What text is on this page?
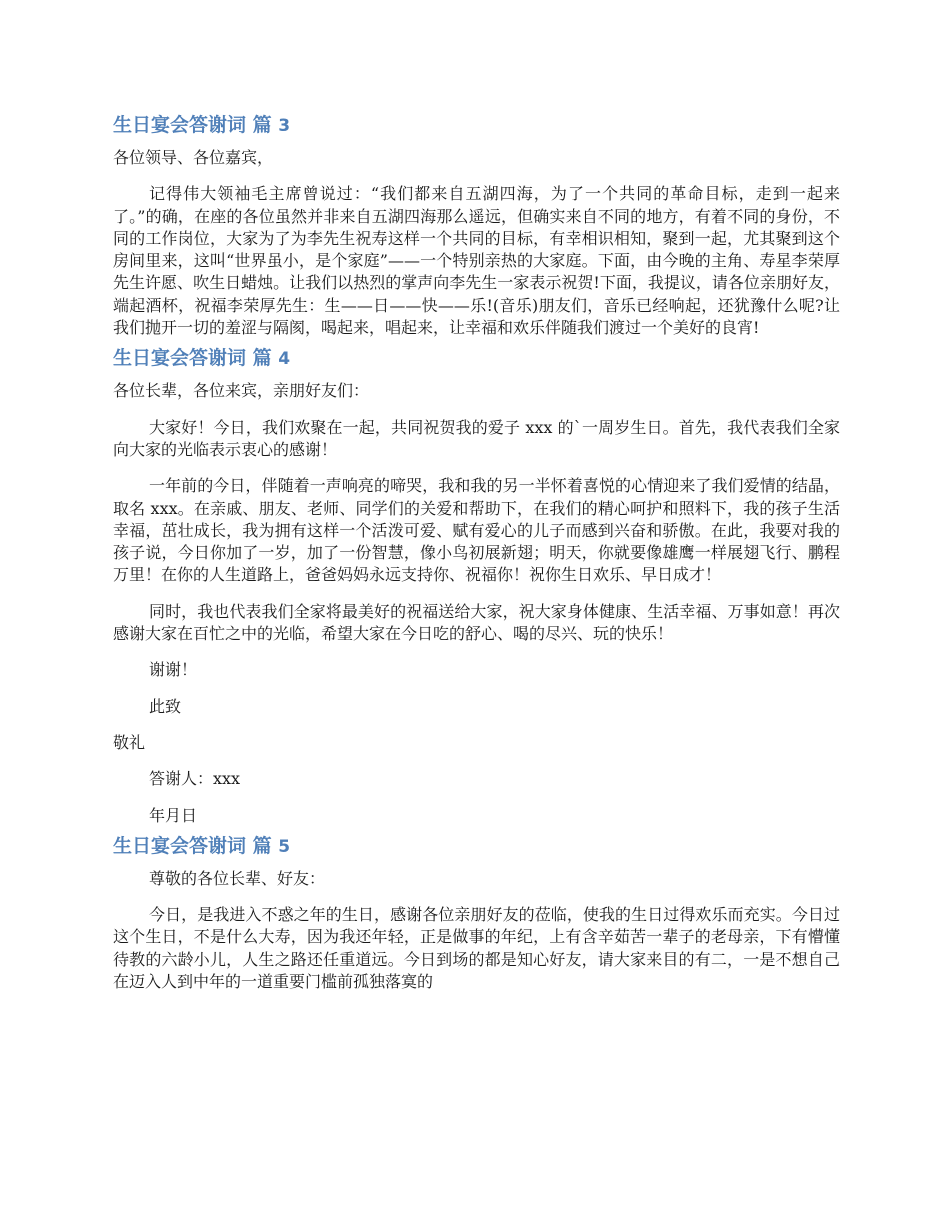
生日宴会答谢词 篇 3

各位领导、各位嘉宾，

记得伟大领袖毛主席曾说过：“我们都来自五湖四海，为了一个共同的革命目标，走到一起来了。”的确，在座的各位虽然并非来自五湖四海那么遥远，但确实来自不同的地方，有着不同的身份，不同的工作岗位，大家为了为李先生祝寿这样一个共同的目标，有幸相识相知，聚到一起，尤其聚到这个房间里来，这叫“世界虽小，是个家庭”——一个特别亲热的大家庭。下面，由今晚的主角、寿星李荣厚先生许愿、吹生日蜡烛。让我们以热烈的掌声向李先生一家表示祝贺!下面，我提议，请各位亲朋好友，端起酒杯，祝福李荣厚先生：生——日——快——乐!(音乐)朋友们，音乐已经响起，还犹豫什么呢?让我们抛开一切的羞涩与隔阂，喝起来，唱起来，让幸福和欢乐伴随我们渡过一个美好的良宵!

生日宴会答谢词 篇 4

各位长辈，各位来宾，亲朋好友们：

大家好！今日，我们欢聚在一起，共同祝贺我的爱子 xxx 的`一周岁生日。首先，我代表我们全家向大家的光临表示衷心的感谢！

一年前的今日，伴随着一声响亮的啼哭，我和我的另一半怀着喜悦的心情迎来了我们爱情的结晶，取名 xxx。在亲戚、朋友、老师、同学们的关爱和帮助下，在我们的精心呵护和照料下，我的孩子生活幸福，茁壮成长，我为拥有这样一个活泼可爱、赋有爱心的儿子而感到兴奋和骄傲。在此，我要对我的孩子说，今日你加了一岁，加了一份智慧，像小鸟初展新翅；明天，你就要像雄鹰一样展翅飞行、鹏程万里！在你的人生道路上，爸爸妈妈永远支持你、祝福你！祝你生日欢乐、早日成才！

同时，我也代表我们全家将最美好的祝福送给大家，祝大家身体健康、生活幸福、万事如意！再次感谢大家在百忙之中的光临，希望大家在今日吃的舒心、喝的尽兴、玩的快乐！

谢谢！

此致

敬礼

答谢人：xxx

年月日

生日宴会答谢词 篇 5

尊敬的各位长辈、好友：

今日，是我进入不惑之年的生日，感谢各位亲朋好友的莅临，使我的生日过得欢乐而充实。今日过这个生日，不是什么大寿，因为我还年轻，正是做事的年纪，上有含辛茹苦一辈子的老母亲，下有懵懂待教的六龄小儿，人生之路还任重道远。今日到场的都是知心好友，请大家来目的有二，一是不想自己在迈入人到中年的一道重要门槛前孤独落寞的
